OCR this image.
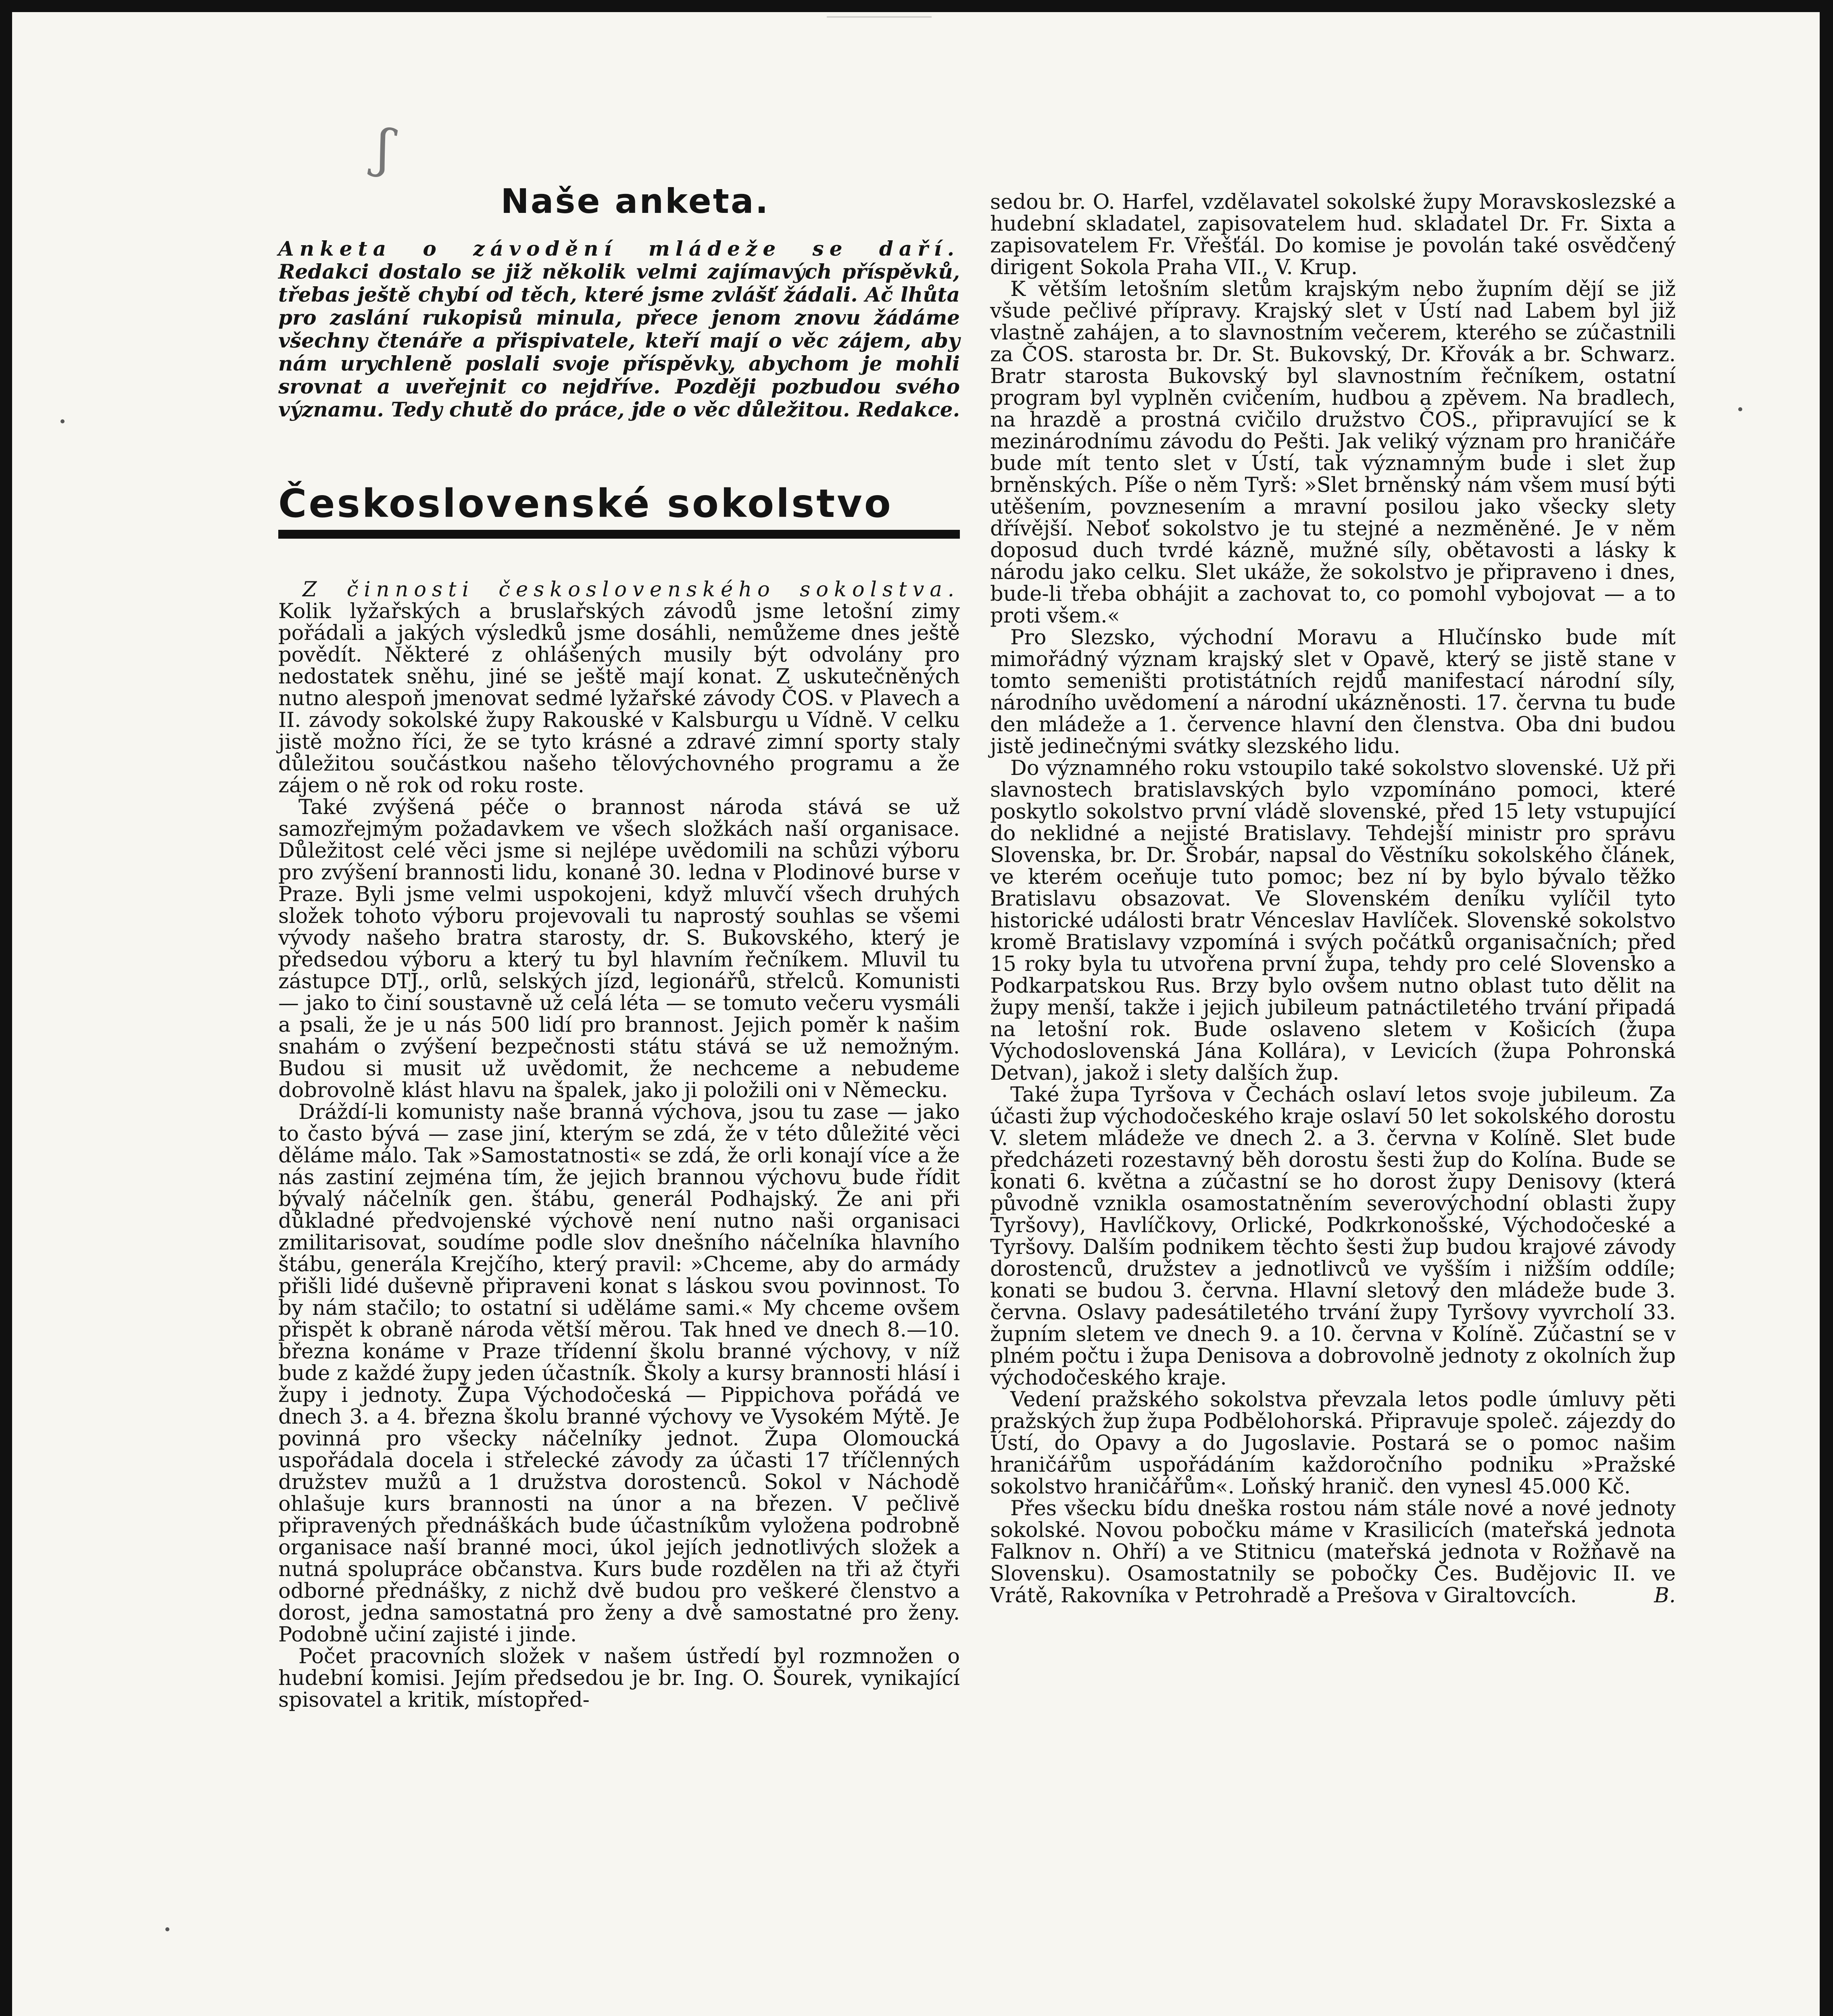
ʃ
Naše anketa.

Anketa o závodění mládeže se daří. Redakci dostalo se již několik velmi zajímavých příspěvků, třebas ještě chybí od těch, které jsme zvlášť žádali. Ač lhůta pro zaslání rukopisů minula, přece jenom znovu žádáme všechny čtenáře a přispivatele, kteří mají o věc zájem, aby nám urychleně poslali svoje příspěvky, abychom je mohli srovnat a uveřejnit co nejdříve. Později pozbudou svého významu. Tedy chutě do práce, jde o věc důležitou. Redakce.

Československé sokolstvo

Z činnosti československého sokolstva. Kolik lyžařských a bruslařských závodů jsme letošní zimy pořádali a jakých výsledků jsme dosáhli, nemůžeme dnes ještě povědít. Některé z ohlášených musily být odvolány pro nedostatek sněhu, jiné se ještě mají konat. Z uskutečněných nutno alespoň jmenovat sedmé lyžařské závody ČOS. v Plavech a II. závody sokolské župy Rakouské v Kalsburgu u Vídně. V celku jistě možno říci, že se tyto krásné a zdravé zimní sporty staly důležitou součástkou našeho tělovýchovného programu a že zájem o ně rok od roku roste.

Také zvýšená péče o brannost národa stává se už samozřejmým požadavkem ve všech složkách naší organisace. Důležitost celé věci jsme si nejlépe uvědomili na schůzi výboru pro zvýšení brannosti lidu, konané 30. ledna v Plodinové burse v Praze. Byli jsme velmi uspokojeni, když mluvčí všech druhých složek tohoto výboru projevovali tu naprostý souhlas se všemi vývody našeho bratra starosty, dr. S. Bukovského, který je předsedou výboru a který tu byl hlavním řečníkem. Mluvil tu zástupce DTJ., orlů, selských jízd, legionářů, střelců. Komunisti — jako to činí soustavně už celá léta — se tomuto večeru vysmáli a psali, že je u nás 500 lidí pro brannost. Jejich poměr k našim snahám o zvýšení bezpečnosti státu stává se už nemožným. Budou si musit už uvědomit, že nechceme a nebudeme dobrovolně klást hlavu na špalek, jako ji položili oni v Německu.

Dráždí-li komunisty naše branná výchova, jsou tu zase — jako to často bývá — zase jiní, kterým se zdá, že v této důležité věci děláme málo. Tak »Samostatnosti« se zdá, že orli konají více a že nás zastiní zejména tím, že jejich brannou výchovu bude řídit bývalý náčelník gen. štábu, generál Podhajský. Že ani při důkladné předvojenské výchově není nutno naši organisaci zmilitarisovat, soudíme podle slov dnešního náčelníka hlavního štábu, generála Krejčího, který pravil: »Chceme, aby do armády přišli lidé duševně připraveni konat s láskou svou povinnost. To by nám stačilo; to ostatní si uděláme sami.« My chceme ovšem přispět k obraně národa větší měrou. Tak hned ve dnech 8.—10. března konáme v Praze třídenní školu branné výchovy, v níž bude z každé župy jeden účastník. Školy a kursy brannosti hlásí i župy i jednoty. Župa Východočeská — Pippichova pořádá ve dnech 3. a 4. března školu branné výchovy ve Vysokém Mýtě. Je povinná pro všecky náčelníky jednot. Župa Olomoucká uspořádala docela i střelecké závody za účasti 17 tříčlenných družstev mužů a 1 družstva dorostenců. Sokol v Náchodě ohlašuje kurs brannosti na únor a na březen. V pečlivě připravených přednáškách bude účastníkům vyložena podrobně organisace naší branné moci, úkol jejích jednotlivých složek a nutná spolupráce občanstva. Kurs bude rozdělen na tři až čtyři odborné přednášky, z nichž dvě budou pro veškeré členstvo a dorost, jedna samostatná pro ženy a dvě samostatné pro ženy. Podobně učiní zajisté i jinde.

Počet pracovních složek v našem ústředí byl rozmnožen o hudební komisi. Jejím předsedou je br. Ing. O. Šourek, vynikající spisovatel a kritik, místopřed-

sedou br. O. Harfel, vzdělavatel sokolské župy Moravskoslezské a hudební skladatel, zapisovatelem hud. skladatel Dr. Fr. Sixta a zapisovatelem Fr. Vřešťál. Do komise je povolán také osvědčený dirigent Sokola Praha VII., V. Krup.

K větším letošním sletům krajským nebo župním dějí se již všude pečlivé přípravy. Krajský slet v Ústí nad Labem byl již vlastně zahájen, a to slavnostním večerem, kterého se zúčastnili za ČOS. starosta br. Dr. St. Bukovský, Dr. Křovák a br. Schwarz. Bratr starosta Bukovský byl slavnostním řečníkem, ostatní program byl vyplněn cvičením, hudbou a zpěvem. Na bradlech, na hrazdě a prostná cvičilo družstvo ČOS., připravující se k mezinárodnímu závodu do Pešti. Jak veliký význam pro hraničáře bude mít tento slet v Ústí, tak významným bude i slet žup brněnských. Píše o něm Tyrš: »Slet brněnský nám všem musí býti utěšením, povznesením a mravní posilou jako všecky slety dřívější. Neboť sokolstvo je tu stejné a nezměněné. Je v něm doposud duch tvrdé kázně, mužné síly, obětavosti a lásky k národu jako celku. Slet ukáže, že sokolstvo je připraveno i dnes, bude-li třeba obhájit a zachovat to, co pomohl vybojovat — a to proti všem.«

Pro Slezsko, východní Moravu a Hlučínsko bude mít mimořádný význam krajský slet v Opavě, který se jistě stane v tomto semeništi protistátních rejdů manifestací národní síly, národního uvědomení a národní ukázněnosti. 17. června tu bude den mládeže a 1. července hlavní den členstva. Oba dni budou jistě jedinečnými svátky slezského lidu.

Do významného roku vstoupilo také sokolstvo slovenské. Už při slavnostech bratislavských bylo vzpomínáno pomoci, které poskytlo sokolstvo první vládě slovenské, před 15 lety vstupující do neklidné a nejisté Bratislavy. Tehdejší ministr pro správu Slovenska, br. Dr. Šrobár, napsal do Věstníku sokolského článek, ve kterém oceňuje tuto pomoc; bez ní by bylo bývalo těžko Bratislavu obsazovat. Ve Slovenském deníku vylíčil tyto historické události bratr Vénceslav Havlíček. Slovenské sokolstvo kromě Bratislavy vzpomíná i svých počátků organisačních; před 15 roky byla tu utvořena první župa, tehdy pro celé Slovensko a Podkarpatskou Rus. Brzy bylo ovšem nutno oblast tuto dělit na župy menší, takže i jejich jubileum patnáctiletého trvání připadá na letošní rok. Bude oslaveno sletem v Košicích (župa Východoslovenská Jána Kollára), v Levicích (župa Pohronská Detvan), jakož i slety dalších žup.

Také župa Tyršova v Čechách oslaví letos svoje jubileum. Za účasti žup východočeského kraje oslaví 50 let sokolského dorostu V. sletem mládeže ve dnech 2. a 3. června v Kolíně. Slet bude předcházeti rozestavný běh dorostu šesti žup do Kolína. Bude se konati 6. května a zúčastní se ho dorost župy Denisovy (která původně vznikla osamostatněním severovýchodní oblasti župy Tyršovy), Havlíčkovy, Orlické, Podkrkonošské, Východočeské a Tyršovy. Dalším podnikem těchto šesti žup budou krajové závody dorostenců, družstev a jednotlivců ve vyšším i nižším oddíle; konati se budou 3. června. Hlavní sletový den mládeže bude 3. června. Oslavy padesátiletého trvání župy Tyršovy vyvrcholí 33. župním sletem ve dnech 9. a 10. června v Kolíně. Zúčastní se v plném počtu i župa Denisova a dobrovolně jednoty z okolních žup východočeského kraje.

Vedení pražského sokolstva převzala letos podle úmluvy pěti pražských žup župa Podbělohorská. Připravuje společ. zájezdy do Ústí, do Opavy a do Jugoslavie. Postará se o pomoc našim hraničářům uspořádáním každoročního podniku »Pražské sokolstvo hraničářům«. Loňský hranič. den vynesl 45.000 Kč.

Přes všecku bídu dneška rostou nám stále nové a nové jednoty sokolské. Novou pobočku máme v Krasilicích (mateřská jednota Falknov n. Ohří) a ve Stitnicu (mateřská jednota v Rožňavě na Slovensku). Osamostatnily se pobočky Čes. Budějovic II. ve Vrátě, Rakovníka v Petrohradě a Prešova v Giraltovcích.	B.
